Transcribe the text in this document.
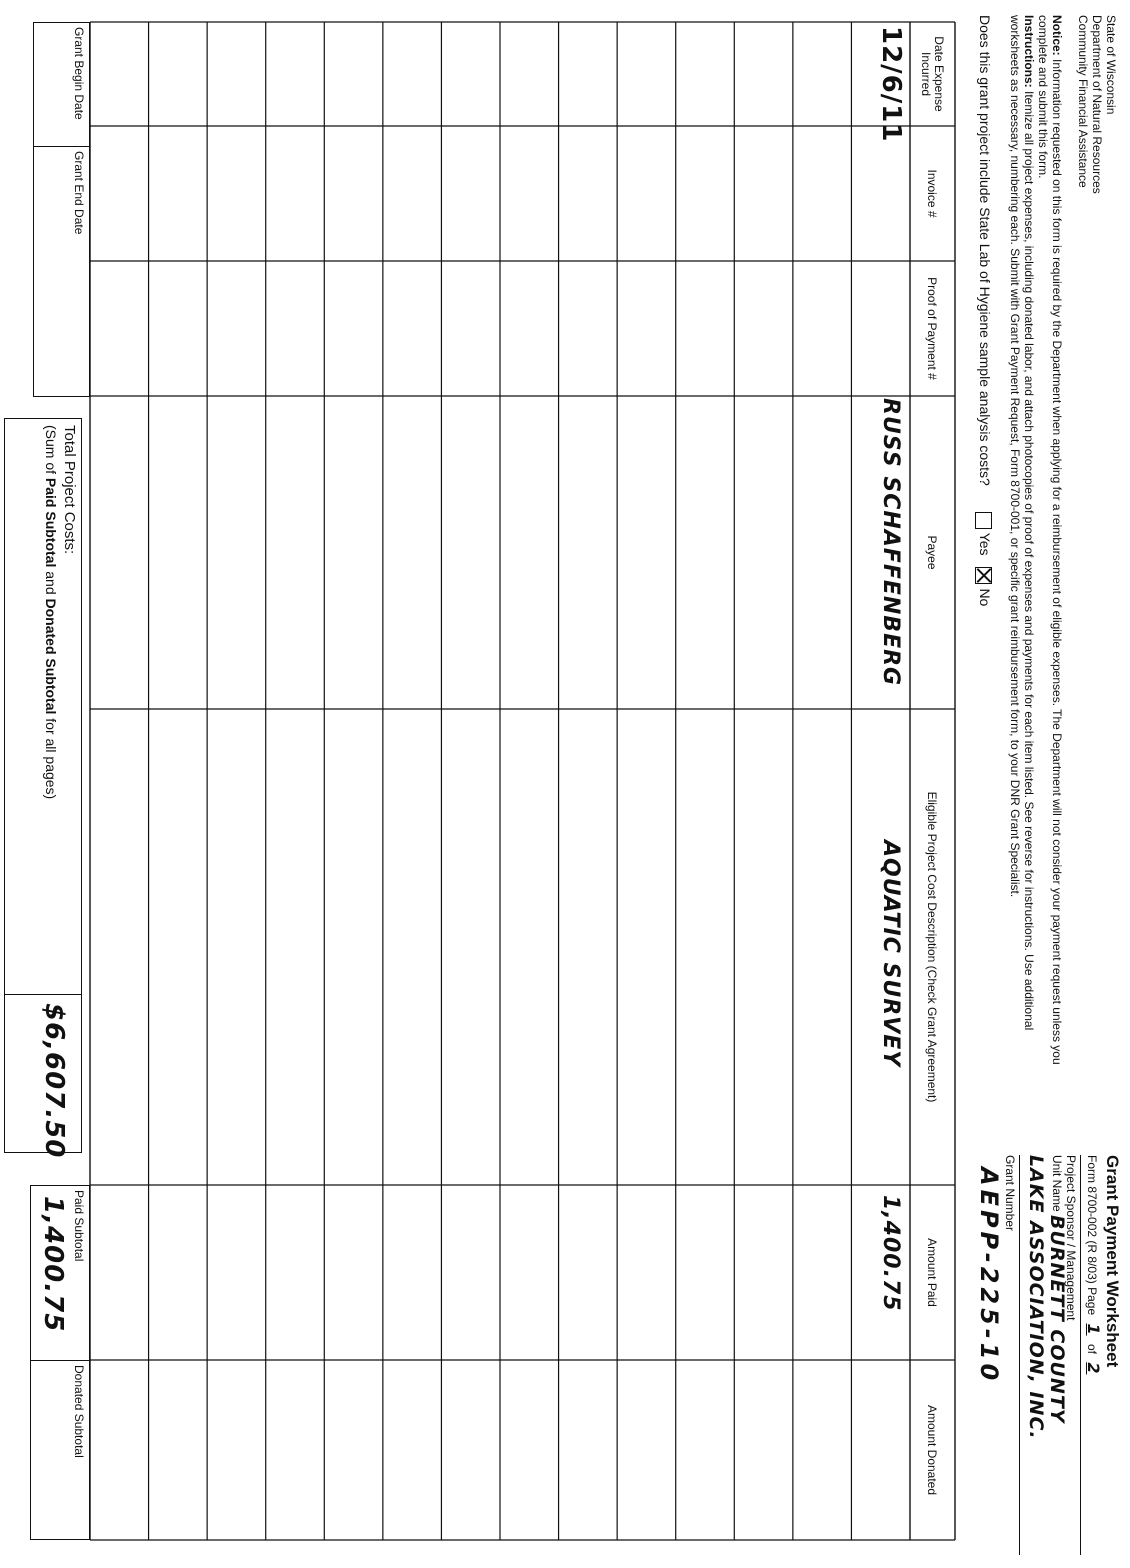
State of Wisconsin
Department of Natural Resources
Community Financial Assistance
Grant Payment Worksheet
Form 8700-002 (R 8/03) Page 1 of 2
Project Sponsor / Management
Unit Name
BURNETT COUNTY
LAKE ASSOCIATION, INC.
Grant Number
AEPP-225-10
Notice: Information requested on this form is required by the Department when applying for a reimbursement of eligible expenses. The Department will not consider your payment request unless you complete and submit this form.
Instructions: Itemize all project expenses, including donated labor, and attach photocopies of proof of expenses and payments for each item listed. See reverse for instructions. Use additional worksheets as necessary, numbering each. Submit with Grant Payment Request, Form 8700-001, or specific grant reimbursement form, to your DNR Grant Specialist.
Does this grant project include State Lab of Hygiene sample analysis costs? Yes No
Date Expense Incurred
Invoice #
Proof of Payment #
Payee
Eligible Project Cost Description (Check Grant Agreement)
Amount Paid
Amount Donated
12/6/11
RUSS SCHAFFENBERG
AQUATIC SURVEY
1,400.75
Grant Begin Date
Grant End Date
Total Project Costs:
(Sum of Paid Subtotal and Donated Subtotal for all pages)
$6,607.50
Paid Subtotal
1,400.75
Donated Subtotal
